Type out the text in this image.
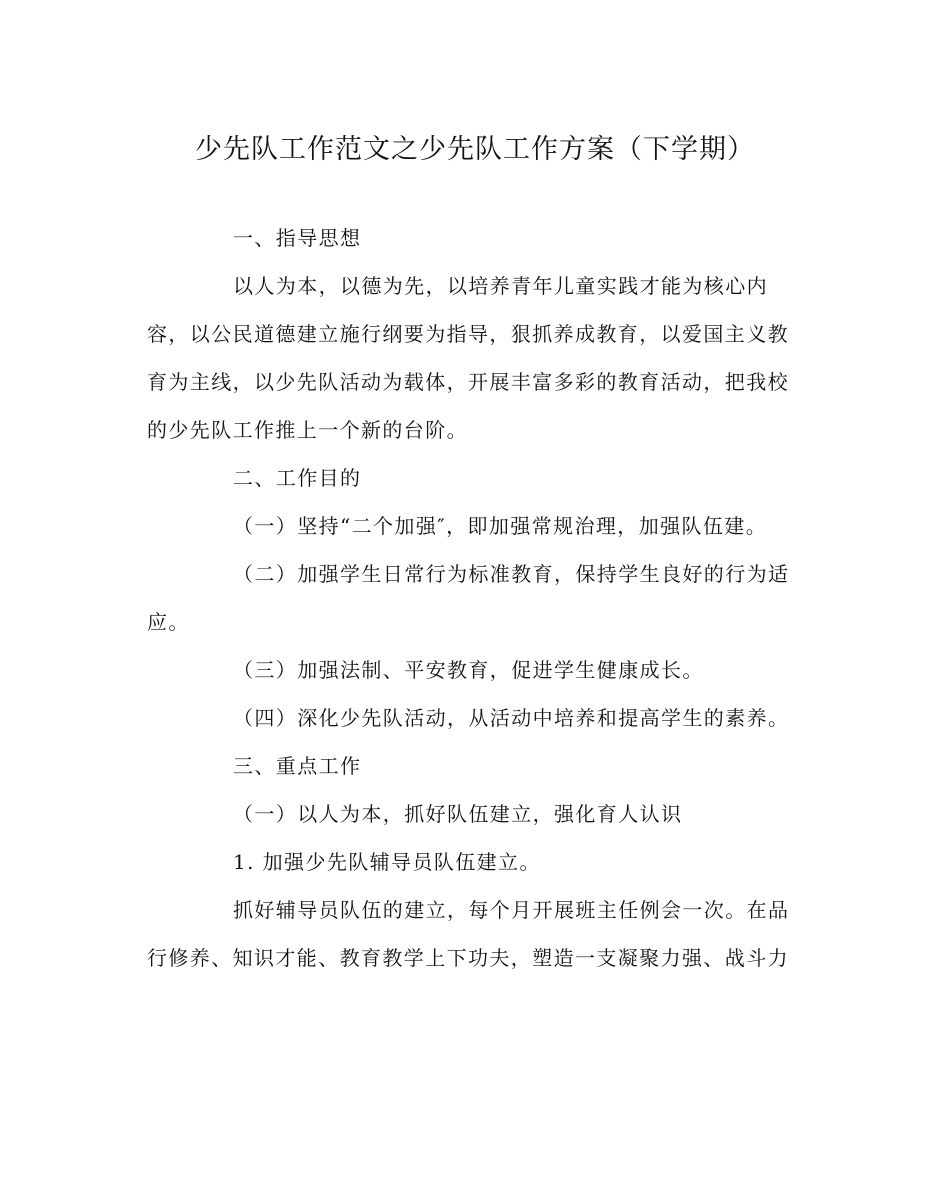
少先队工作范文之少先队工作方案（下学期）

一、指导思想

以人为本，以德为先，以培养青年儿童实践才能为核心内

容，以公民道德建立施行纲要为指导，狠抓养成教育，以爱国主义教

育为主线，以少先队活动为载体，开展丰富多彩的教育活动，把我校

的少先队工作推上一个新的台阶。

二、工作目的

（一）坚持“二个加强″，即加强常规治理，加强队伍建。

（二）加强学生日常行为标准教育，保持学生良好的行为适

应。

（三）加强法制、平安教育，促进学生健康成长。

（四）深化少先队活动，从活动中培养和提高学生的素养。

三、重点工作

（一）以人为本，抓好队伍建立，强化育人认识

1. 加强少先队辅导员队伍建立。

抓好辅导员队伍的建立，每个月开展班主任例会一次。在品

行修养、知识才能、教育教学上下功夫，塑造一支凝聚力强、战斗力
